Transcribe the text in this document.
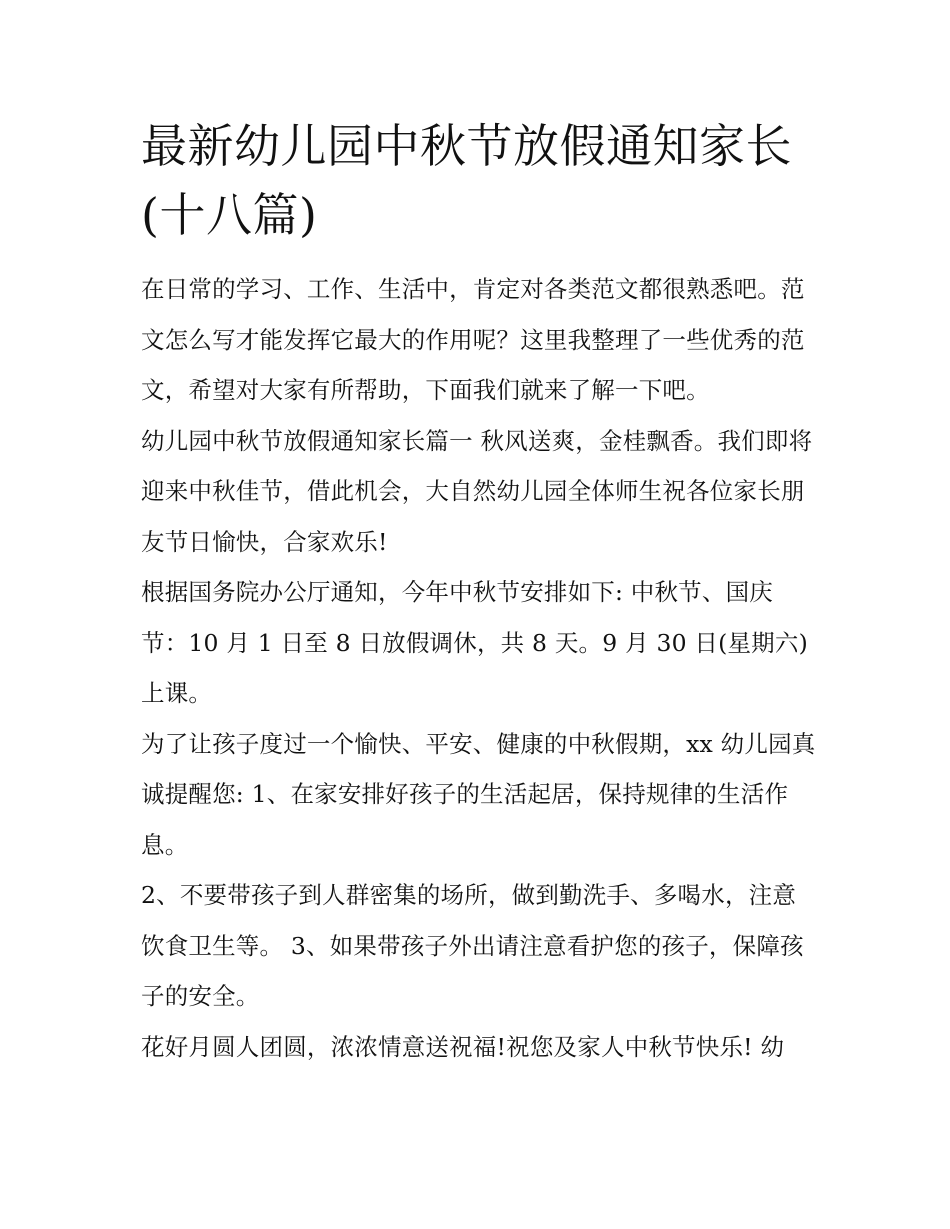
最新幼儿园中秋节放假通知家长(十八篇)

在日常的学习、工作、生活中，肯定对各类范文都很熟悉吧。范文怎么写才能发挥它最大的作用呢？这里我整理了一些优秀的范文，希望对大家有所帮助，下面我们就来了解一下吧。

幼儿园中秋节放假通知家长篇一 秋风送爽，金桂飘香。我们即将迎来中秋佳节，借此机会，大自然幼儿园全体师生祝各位家长朋友节日愉快，合家欢乐!

根据国务院办公厅通知，今年中秋节安排如下: 中秋节、国庆节：10 月 1 日至 8 日放假调休，共 8 天。9 月 30 日(星期六)上课。

为了让孩子度过一个愉快、平安、健康的中秋假期，xx 幼儿园真诚提醒您: 1、在家安排好孩子的生活起居，保持规律的生活作息。

2、不要带孩子到人群密集的场所，做到勤洗手、多喝水，注意饮食卫生等。 3、如果带孩子外出请注意看护您的孩子，保障孩子的安全。

花好月圆人团圆，浓浓情意送祝福!祝您及家人中秋节快乐! 幼
